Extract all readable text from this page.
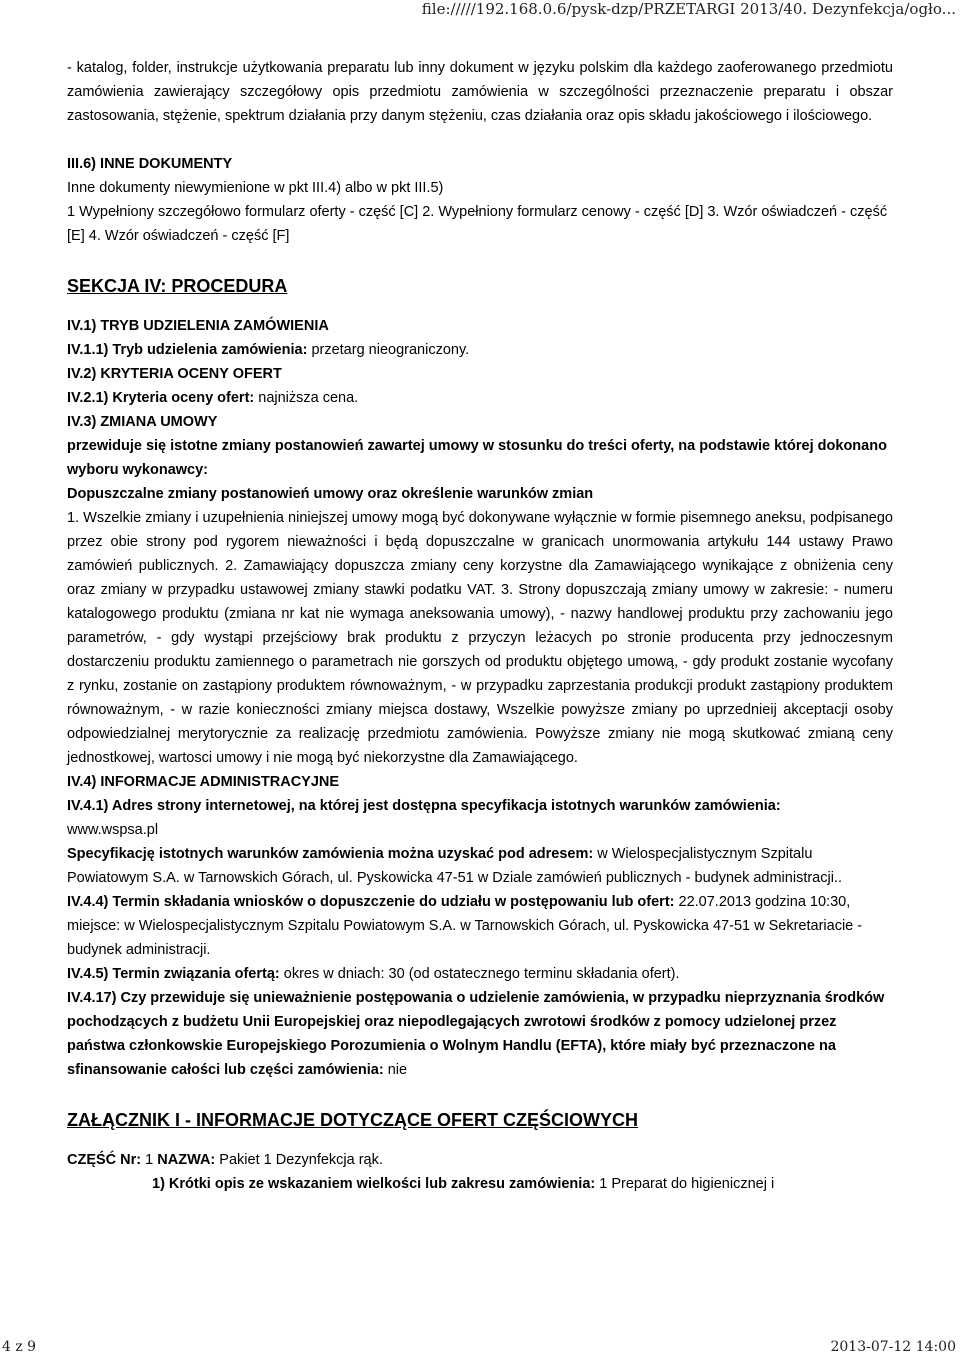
file://///192.168.0.6/pysk-dzp/PRZETARGI 2013/40. Dezynfekcja/ogło...

- katalog, folder, instrukcje użytkowania preparatu lub inny dokument w języku polskim dla każdego zaoferowanego przedmiotu zamówienia zawierający szczegółowy opis przedmiotu zamówienia w szczególności przeznaczenie preparatu i obszar zastosowania, stężenie, spektrum działania przy danym stężeniu, czas działania oraz opis składu jakościowego i ilościowego.

III.6) INNE DOKUMENTY

Inne dokumenty niewymienione w pkt III.4) albo w pkt III.5)

1 Wypełniony szczegółowo formularz oferty - część [C] 2. Wypełniony formularz cenowy - część [D] 3. Wzór oświadczeń - część [E] 4. Wzór oświadczeń - część [F]

SEKCJA IV: PROCEDURA

IV.1) TRYB UDZIELENIA ZAMÓWIENIA

IV.1.1) Tryb udzielenia zamówienia: przetarg nieograniczony.

IV.2) KRYTERIA OCENY OFERT

IV.2.1) Kryteria oceny ofert: najniższa cena.

IV.3) ZMIANA UMOWY

przewiduje się istotne zmiany postanowień zawartej umowy w stosunku do treści oferty, na podstawie której dokonano wyboru wykonawcy:

Dopuszczalne zmiany postanowień umowy oraz określenie warunków zmian

1. Wszelkie zmiany i uzupełnienia niniejszej umowy mogą być dokonywane wyłącznie w formie pisemnego aneksu, podpisanego przez obie strony pod rygorem nieważności i będą dopuszczalne w granicach unormowania artykułu 144 ustawy Prawo zamówień publicznych. 2. Zamawiający dopuszcza zmiany ceny korzystne dla Zamawiającego wynikające z obniżenia ceny oraz zmiany w przypadku ustawowej zmiany stawki podatku VAT. 3. Strony dopuszczają zmiany umowy w zakresie: - numeru katalogowego produktu (zmiana nr kat nie wymaga aneksowania umowy), - nazwy handlowej produktu przy zachowaniu jego parametrów, - gdy wystąpi przejściowy brak produktu z przyczyn leżacych po stronie producenta przy jednoczesnym dostarczeniu produktu zamiennego o parametrach nie gorszych od produktu objętego umową, - gdy produkt zostanie wycofany z rynku, zostanie on zastąpiony produktem równoważnym, - w przypadku zaprzestania produkcji produkt zastąpiony produktem równoważnym, - w razie konieczności zmiany miejsca dostawy, Wszelkie powyższe zmiany po uprzednieij akceptacji osoby odpowiedzialnej merytorycznie za realizację przedmiotu zamówienia. Powyższe zmiany nie mogą skutkować zmianą ceny jednostkowej, wartosci umowy i nie mogą być niekorzystne dla Zamawiającego.

IV.4) INFORMACJE ADMINISTRACYJNE

IV.4.1) Adres strony internetowej, na której jest dostępna specyfikacja istotnych warunków zamówienia:

www.wspsa.pl

Specyfikację istotnych warunków zamówienia można uzyskać pod adresem: w Wielospecjalistycznym Szpitalu Powiatowym S.A. w Tarnowskich Górach, ul. Pyskowicka 47-51 w Dziale zamówień publicznych - budynek administracji..

IV.4.4) Termin składania wniosków o dopuszczenie do udziału w postępowaniu lub ofert: 22.07.2013 godzina 10:30, miejsce: w Wielospecjalistycznym Szpitalu Powiatowym S.A. w Tarnowskich Górach, ul. Pyskowicka 47-51 w Sekretariacie - budynek administracji.

IV.4.5) Termin związania ofertą: okres w dniach: 30 (od ostatecznego terminu składania ofert).

IV.4.17) Czy przewiduje się unieważnienie postępowania o udzielenie zamówienia, w przypadku nieprzyznania środków pochodzących z budżetu Unii Europejskiej oraz niepodlegających zwrotowi środków z pomocy udzielonej przez państwa członkowskie Europejskiego Porozumienia o Wolnym Handlu (EFTA), które miały być przeznaczone na sfinansowanie całości lub części zamówienia: nie

ZAŁĄCZNIK I - INFORMACJE DOTYCZĄCE OFERT CZĘŚCIOWYCH

CZĘŚĆ Nr: 1 NAZWA: Pakiet 1 Dezynfekcja rąk.

1) Krótki opis ze wskazaniem wielkości lub zakresu zamówienia: 1 Preparat do higienicznej i

4 z 9	2013-07-12 14:00
